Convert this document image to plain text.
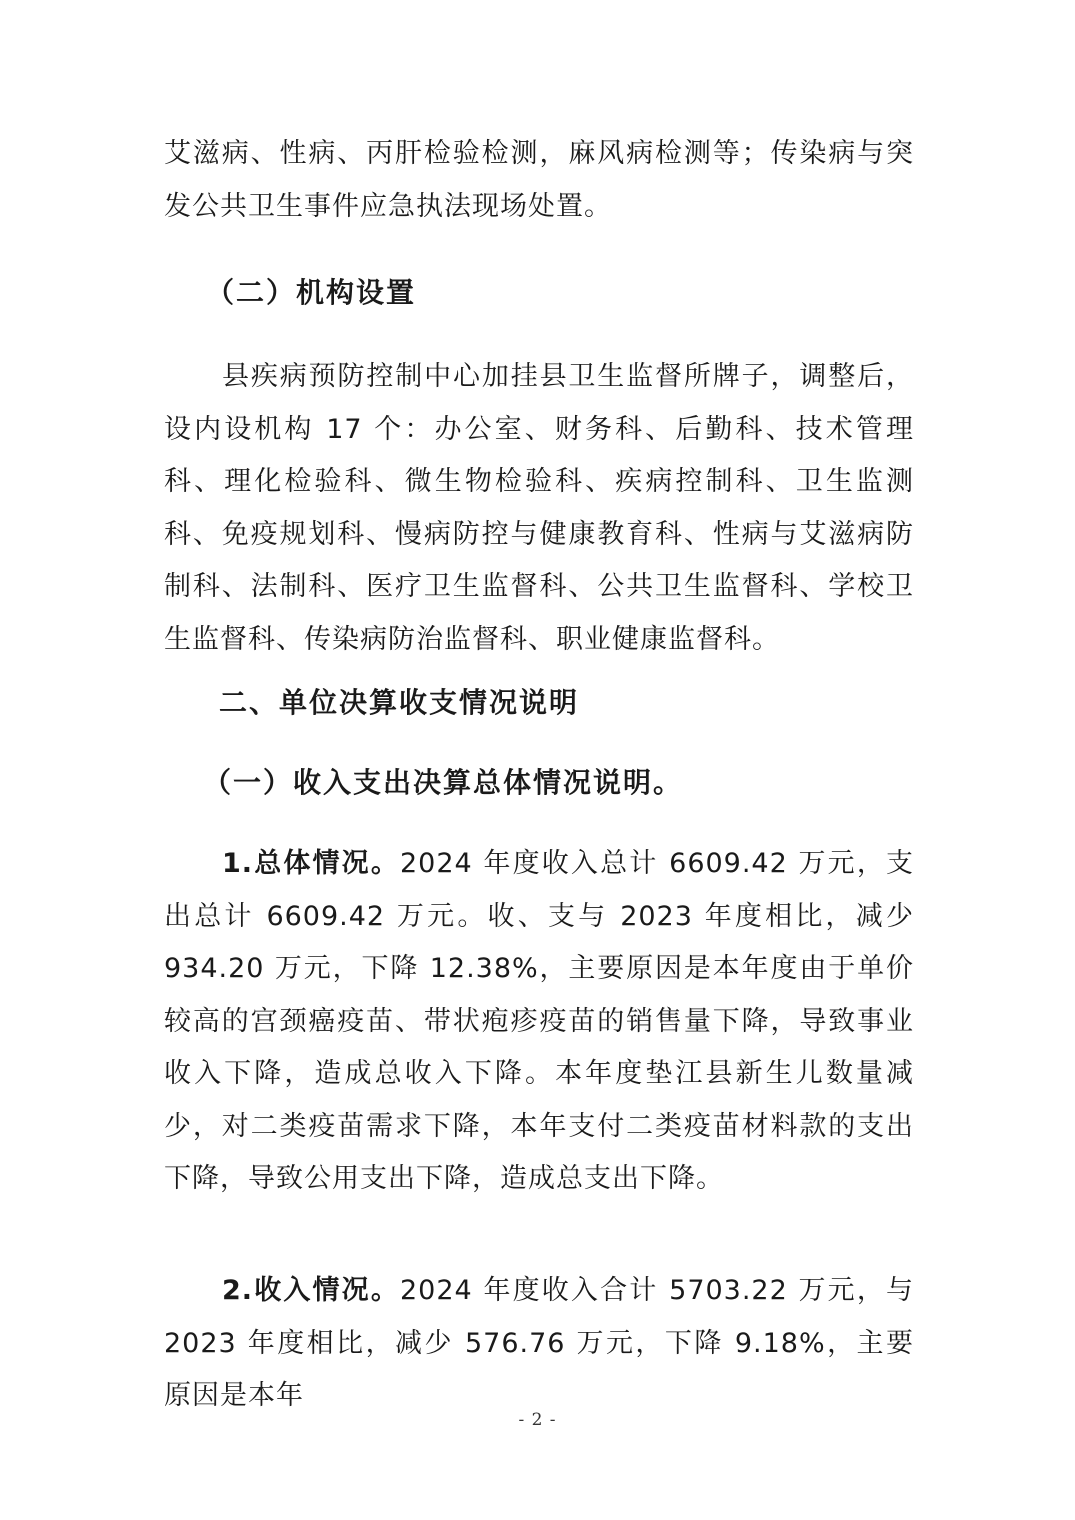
艾滋病、性病、丙肝检验检测，麻风病检测等；传染病与突发公共卫生事件应急执法现场处置。

（二）机构设置

县疾病预防控制中心加挂县卫生监督所牌子，调整后，设内设机构 17 个：办公室、财务科、后勤科、技术管理科、理化检验科、微生物检验科、疾病控制科、卫生监测科、免疫规划科、慢病防控与健康教育科、性病与艾滋病防制科、法制科、医疗卫生监督科、公共卫生监督科、学校卫生监督科、传染病防治监督科、职业健康监督科。

二、单位决算收支情况说明
（一）收入支出决算总体情况说明。

1.总体情况。2024 年度收入总计 6609.42 万元，支出总计 6609.42 万元。收、支与 2023 年度相比，减少 934.20 万元，下降 12.38%，主要原因是本年度由于单价较高的宫颈癌疫苗、带状疱疹疫苗的销售量下降，导致事业收入下降，造成总收入下降。本年度垫江县新生儿数量减少，对二类疫苗需求下降，本年支付二类疫苗材料款的支出下降，导致公用支出下降，造成总支出下降。

2.收入情况。2024 年度收入合计 5703.22 万元，与 2023 年度相比，减少 576.76 万元，下降 9.18%，主要原因是本年

- 2 -
